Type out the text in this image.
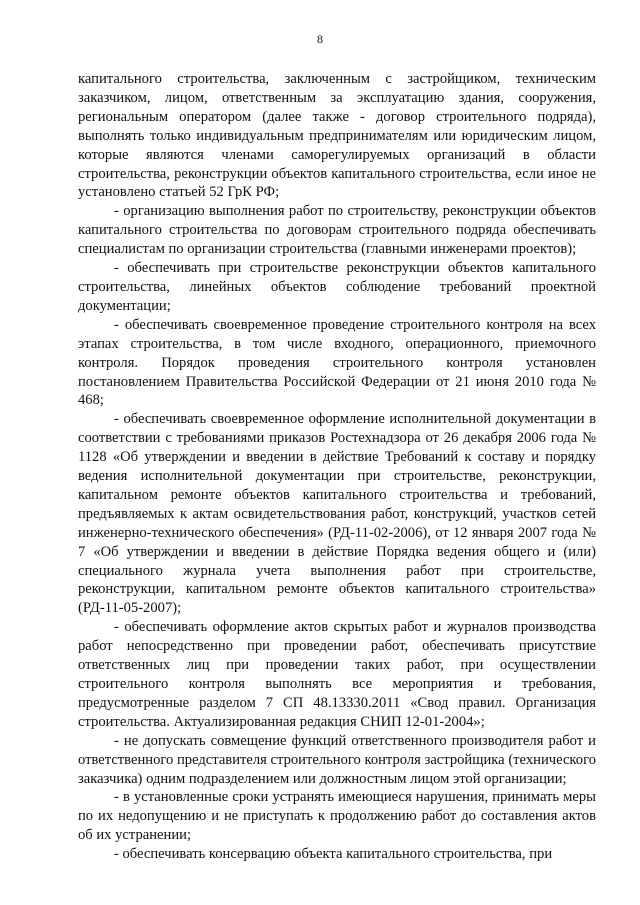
8

капитального строительства, заключенным с застройщиком, техническим заказчиком, лицом, ответственным за эксплуатацию здания, сооружения, региональным оператором (далее также - договор строительного подряда), выполнять только индивидуальным предпринимателям или юридическим лицом, которые являются членами саморегулируемых организаций в области строительства, реконструкции объектов капитального строительства, если иное не установлено статьей 52 ГрК РФ;

- организацию выполнения работ по строительству, реконструкции объектов капитального строительства по договорам строительного подряда обеспечивать специалистам по организации строительства (главными инженерами проектов);

- обеспечивать при строительстве реконструкции объектов капитального строительства, линейных объектов соблюдение требований проектной документации;

- обеспечивать своевременное проведение строительного контроля на всех этапах строительства, в том числе входного, операционного, приемочного контроля. Порядок проведения строительного контроля установлен постановлением Правительства Российской Федерации от 21 июня 2010 года № 468;

- обеспечивать своевременное оформление исполнительной документации в соответствии с требованиями приказов Ростехнадзора от 26 декабря 2006 года № 1128 «Об утверждении и введении в действие Требований к составу и порядку ведения исполнительной документации при строительстве, реконструкции, капитальном ремонте объектов капитального строительства и требований, предъявляемых к актам освидетельствования работ, конструкций, участков сетей инженерно-технического обеспечения» (РД-11-02-2006), от 12 января 2007 года № 7 «Об утверждении и введении в действие Порядка ведения общего и (или) специального журнала учета выполнения работ при строительстве, реконструкции, капитальном ремонте объектов капитального строительства» (РД-11-05-2007);

- обеспечивать оформление актов скрытых работ и журналов производства работ непосредственно при проведении работ, обеспечивать присутствие ответственных лиц при проведении таких работ, при осуществлении строительного контроля выполнять все мероприятия и требования, предусмотренные разделом 7 СП 48.13330.2011 «Свод правил. Организация строительства. Актуализированная редакция СНИП 12-01-2004»;

- не допускать совмещение функций ответственного производителя работ и ответственного представителя строительного контроля застройщика (технического заказчика) одним подразделением или должностным лицом этой организации;

- в установленные сроки устранять имеющиеся нарушения, принимать меры по их недопущению и не приступать к продолжению работ до составления актов об их устранении;

- обеспечивать консервацию объекта капитального строительства, при
